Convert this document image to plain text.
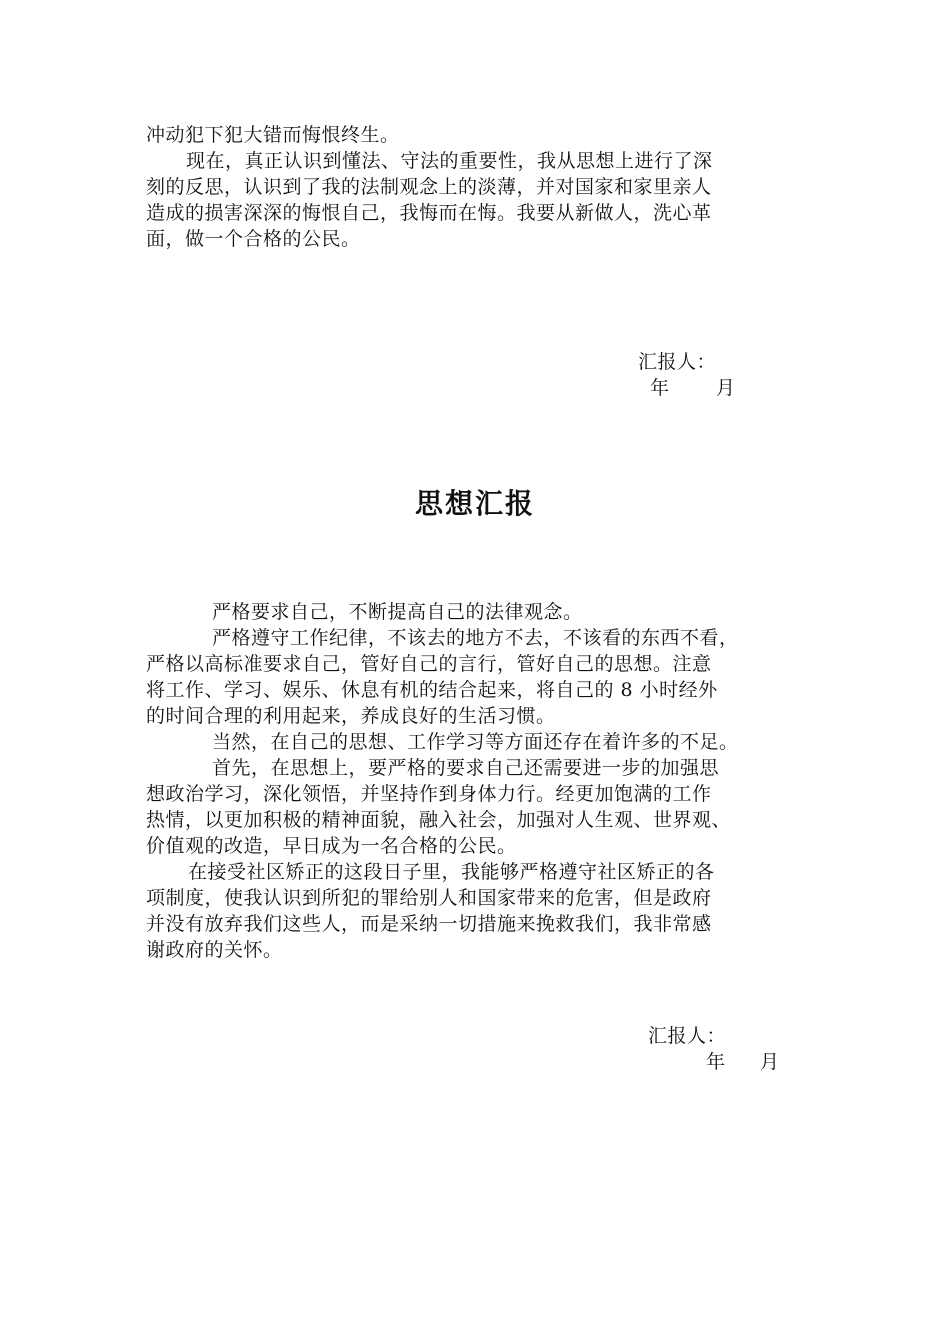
冲动犯下犯大错而悔恨终生。
现在，真正认识到懂法、守法的重要性，我从思想上进行了深
刻的反思，认识到了我的法制观念上的淡薄，并对国家和家里亲人
造成的损害深深的悔恨自己，我悔而在悔。我要从新做人，洗心革
面，做一个合格的公民。
汇报人：
年 月
思想汇报
严格要求自己，不断提高自己的法律观念。
严格遵守工作纪律，不该去的地方不去，不该看的东西不看，
严格以高标准要求自己，管好自己的言行，管好自己的思想。注意
将工作、学习、娱乐、休息有机的结合起来，将自己的 8 小时经外
的时间合理的利用起来，养成良好的生活习惯。
当然，在自己的思想、工作学习等方面还存在着许多的不足。
首先，在思想上，要严格的要求自己还需要进一步的加强思
想政治学习，深化领悟，并坚持作到身体力行。经更加饱满的工作
热情，以更加积极的精神面貌，融入社会，加强对人生观、世界观、
价值观的改造，早日成为一名合格的公民。
在接受社区矫正的这段日子里，我能够严格遵守社区矫正的各
项制度，使我认识到所犯的罪给别人和国家带来的危害，但是政府
并没有放弃我们这些人，而是采纳一切措施来挽救我们，我非常感
谢政府的关怀。
汇报人：
年 月
